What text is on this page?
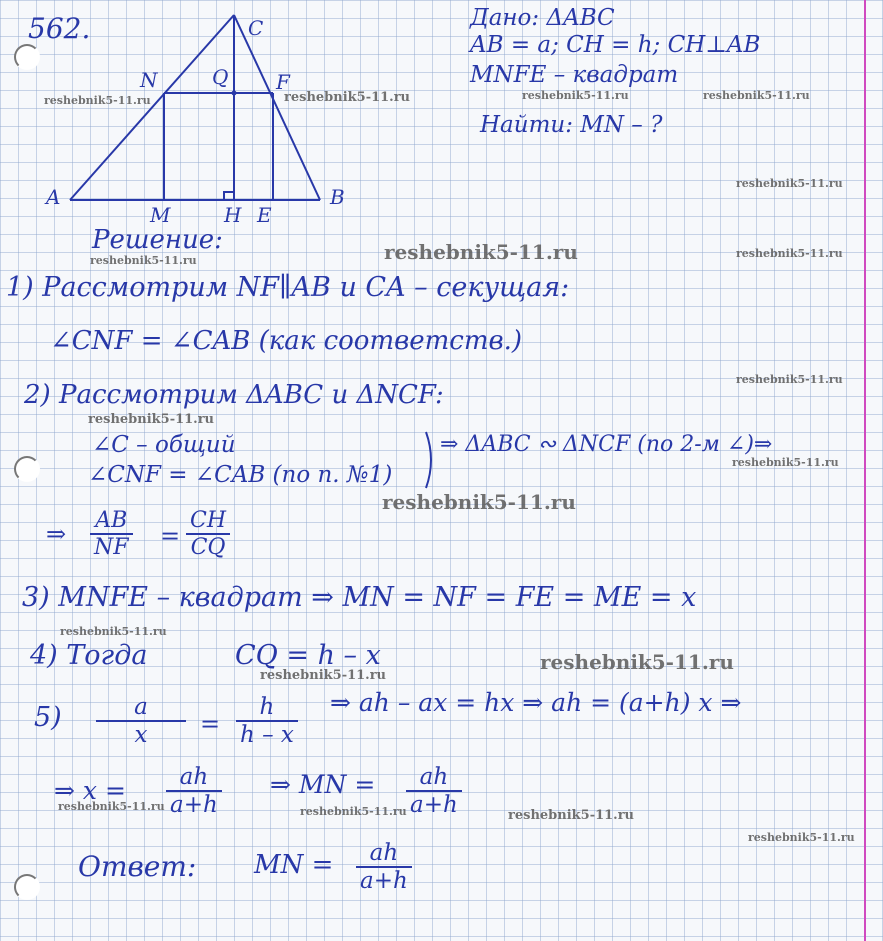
562.
A	B
C
N	Q F
M	H E
Дано: ΔABC
AB = a; CH = h; CH⊥AB
MNFE – квадрат
Найти: MN – ?
Решение:
1) Рассмотрим NF∥AB и CA – секущая:
∠CNF = ∠CAB (как соответств.)
2) Рассмотрим ΔABC и ΔNCF:
∠C – общий
∠CNF = ∠CAB (по п. №1)
⇒ ΔABC ∾ ΔNCF (по 2-м ∠)⇒
⇒ AB
NF =
CH
CQ
3) MNFE – квадрат ⇒ MN = NF = FE = ME = x
4) Тогда	CQ = h – x
5)	a
x =
h
h – x
⇒ ah – ax = hx ⇒ ah = (a+h) x ⇒
⇒ x = ah
a+h
⇒ MN = ah
a+h
Ответ: MN = ah
a+h
reshebnik5-11.ru	reshebnik5-11.ru	reshebnik5-11.ru	reshebnik5-11.ru
reshebnik5-11.ru
reshebnik5-11.ru	reshebnik5-11.ru
reshebnik5-11.ru
reshebnik5-11.ru
reshebnik5-11.ru
reshebnik5-11.ru
reshebnik5-11.ru
reshebnik5-11.ru
reshebnik5-11.ru
reshebnik5-11.ru
reshebnik5-11.ru	reshebnik5-11.ru	reshebnik5-11.ru
reshebnik5-11.ru
